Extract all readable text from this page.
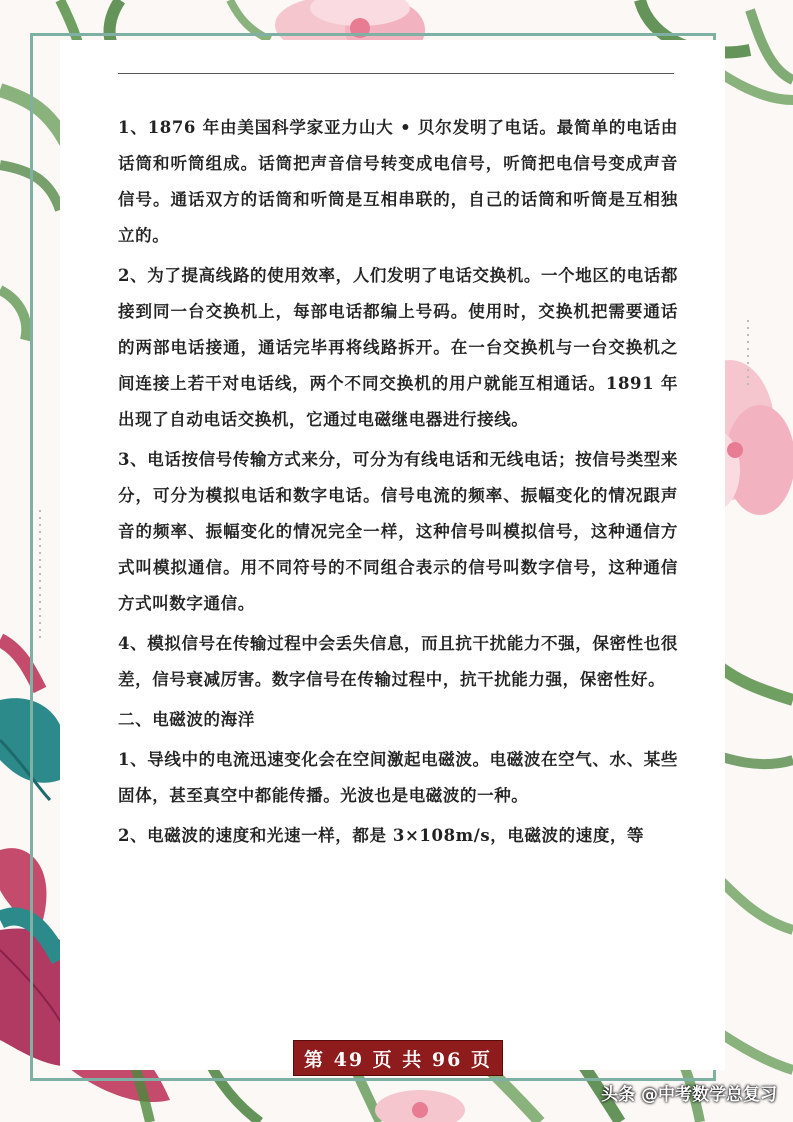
1、1876 年由美国科学家亚力山大 • 贝尔发明了电话。最简单的电话由话筒和听筒组成。话筒把声音信号转变成电信号，听筒把电信号变成声音信号。通话双方的话筒和听筒是互相串联的，自己的话筒和听筒是互相独立的。

2、为了提高线路的使用效率，人们发明了电话交换机。一个地区的电话都接到同一台交换机上，每部电话都编上号码。使用时，交换机把需要通话的两部电话接通，通话完毕再将线路拆开。在一台交换机与一台交换机之间连接上若干对电话线，两个不同交换机的用户就能互相通话。1891 年出现了自动电话交换机，它通过电磁继电器进行接线。

3、电话按信号传输方式来分，可分为有线电话和无线电话；按信号类型来分，可分为模拟电话和数字电话。信号电流的频率、振幅变化的情况跟声音的频率、振幅变化的情况完全一样，这种信号叫模拟信号，这种通信方式叫模拟通信。用不同符号的不同组合表示的信号叫数字信号，这种通信方式叫数字通信。

4、模拟信号在传输过程中会丢失信息，而且抗干扰能力不强，保密性也很差，信号衰减厉害。数字信号在传输过程中，抗干扰能力强，保密性好。

二、电磁波的海洋

1、导线中的电流迅速变化会在空间激起电磁波。电磁波在空气、水、某些固体，甚至真空中都能传播。光波也是电磁波的一种。

2、电磁波的速度和光速一样，都是 3×108m/s，电磁波的速度，等

第 49 页 共 96 页
头条 @中考数学总复习
